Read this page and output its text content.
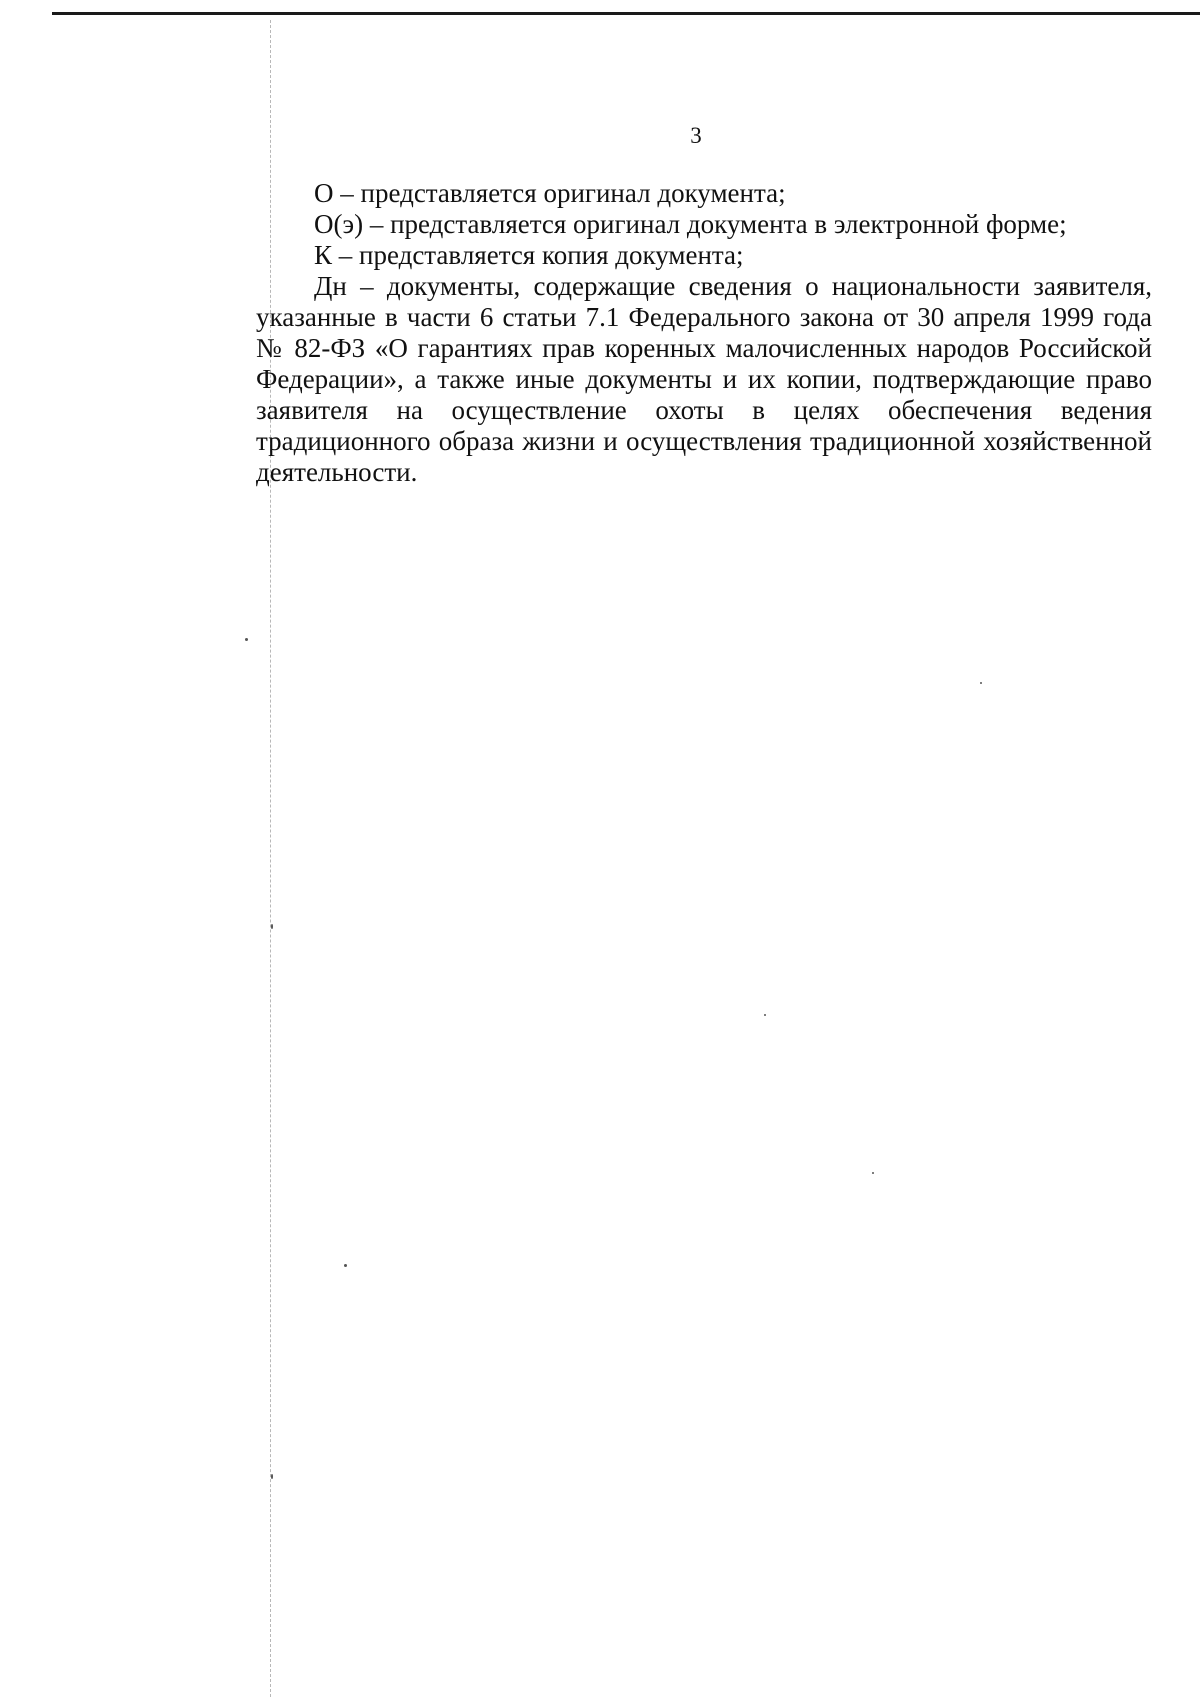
3

О – представляется оригинал документа;

О(э) – представляется оригинал документа в электронной форме;

К – представляется копия документа;

Дн – документы, содержащие сведения о национальности заявителя, указанные в части 6 статьи 7.1 Федерального закона от 30 апреля 1999 года № 82-ФЗ «О гарантиях прав коренных малочисленных народов Российской Федерации», а также иные документы и их копии, подтверждающие право заявителя на осуществление охоты в целях обеспечения ведения традиционного образа жизни и осуществления традиционной хозяйственной деятельности.
